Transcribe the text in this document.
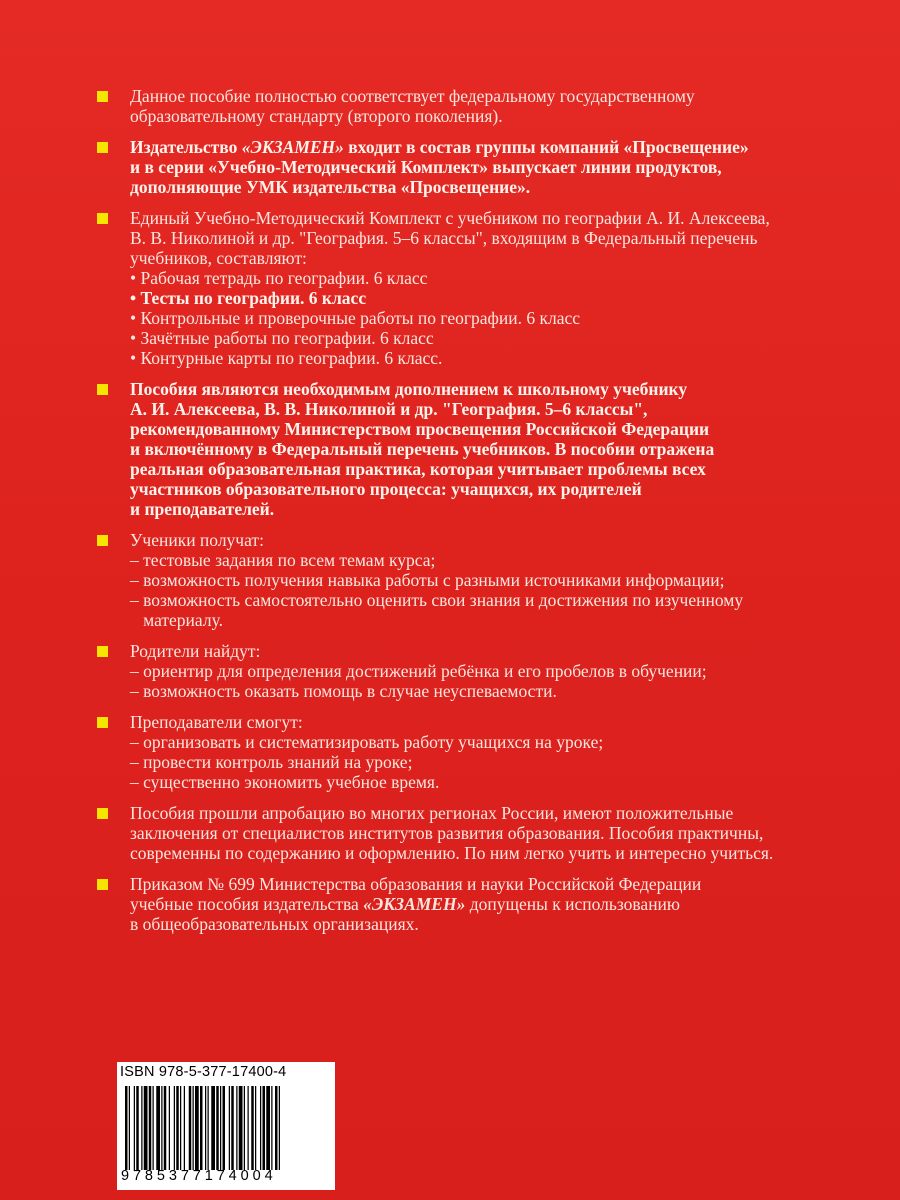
Данное пособие полностью соответствует федеральному государственному
образовательному стандарту (второго поколения).
Издательство «ЭКЗАМЕН» входит в состав группы компаний «Просвещение»
и в серии «Учебно-Методический Комплект» выпускает линии продуктов,
дополняющие УМК издательства «Просвещение».
Единый Учебно-Методический Комплект с учебником по географии А. И. Алексеева,
В. В. Николиной и др. "География. 5–6 классы", входящим в Федеральный перечень
учебников, составляют:
• Рабочая тетрадь по географии. 6 класс
• Тесты по географии. 6 класс
• Контрольные и проверочные работы по географии. 6 класс
• Зачётные работы по географии. 6 класс
• Контурные карты по географии. 6 класс.
Пособия являются необходимым дополнением к школьному учебнику
А. И. Алексеева, В. В. Николиной и др. "География. 5–6 классы",
рекомендованному Министерством просвещения Российской Федерации
и включённому в Федеральный перечень учебников. В пособии отражена
реальная образовательная практика, которая учитывает проблемы всех
участников образовательного процесса: учащихся, их родителей
и преподавателей.
Ученики получат:
– тестовые задания по всем темам курса;
– возможность получения навыка работы с разными источниками информации;
– возможность самостоятельно оценить свои знания и достижения по изученному
материалу.
Родители найдут:
– ориентир для определения достижений ребёнка и его пробелов в обучении;
– возможность оказать помощь в случае неуспеваемости.
Преподаватели смогут:
– организовать и систематизировать работу учащихся на уроке;
– провести контроль знаний на уроке;
– существенно экономить учебное время.
Пособия прошли апробацию во многих регионах России, имеют положительные
заключения от специалистов институтов развития образования. Пособия практичны,
современны по содержанию и оформлению. По ним легко учить и интересно учиться.
Приказом № 699 Министерства образования и науки Российской Федерации
учебные пособия издательства «ЭКЗАМЕН» допущены к использованию
в общеобразовательных организациях.
ISBN 978-5-377-17400-4
9785377174004
